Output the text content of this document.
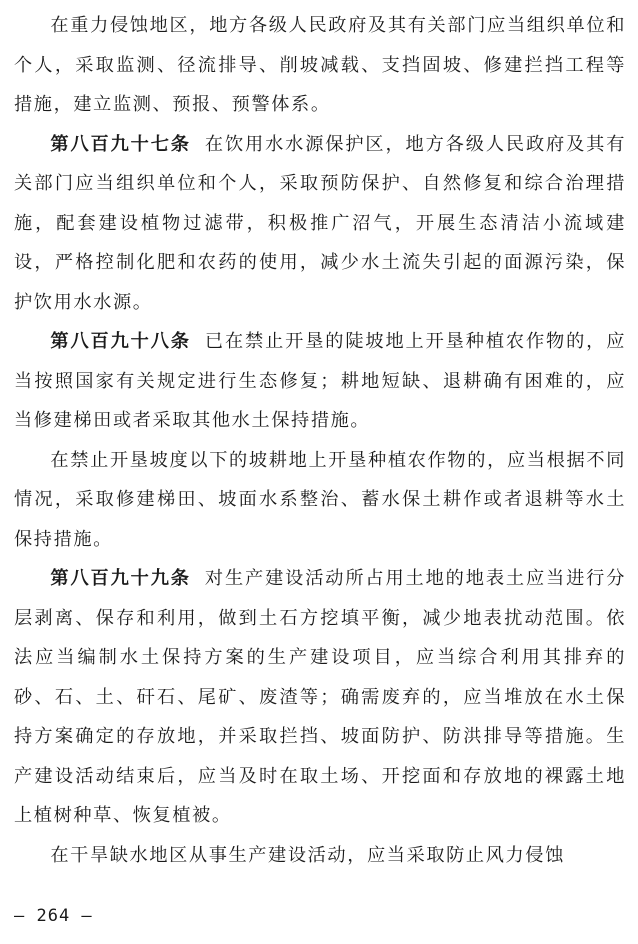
在重力侵蚀地区，地方各级人民政府及其有关部门应当组织单位和个人，采取监测、径流排导、削坡减载、支挡固坡、修建拦挡工程等措施，建立监测、预报、预警体系。

第八百九十七条 在饮用水水源保护区，地方各级人民政府及其有关部门应当组织单位和个人，采取预防保护、自然修复和综合治理措施，配套建设植物过滤带，积极推广沼气，开展生态清洁小流域建设，严格控制化肥和农药的使用，减少水土流失引起的面源污染，保护饮用水水源。

第八百九十八条 已在禁止开垦的陡坡地上开垦种植农作物的，应当按照国家有关规定进行生态修复；耕地短缺、退耕确有困难的，应当修建梯田或者采取其他水土保持措施。

在禁止开垦坡度以下的坡耕地上开垦种植农作物的，应当根据不同情况，采取修建梯田、坡面水系整治、蓄水保土耕作或者退耕等水土保持措施。

第八百九十九条 对生产建设活动所占用土地的地表土应当进行分层剥离、保存和利用，做到土石方挖填平衡，减少地表扰动范围。依法应当编制水土保持方案的生产建设项目，应当综合利用其排弃的砂、石、土、矸石、尾矿、废渣等；确需废弃的，应当堆放在水土保持方案确定的存放地，并采取拦挡、坡面防护、防洪排导等措施。生产建设活动结束后，应当及时在取土场、开挖面和存放地的裸露土地上植树种草、恢复植被。

在干旱缺水地区从事生产建设活动，应当采取防止风力侵蚀

— 264 —
